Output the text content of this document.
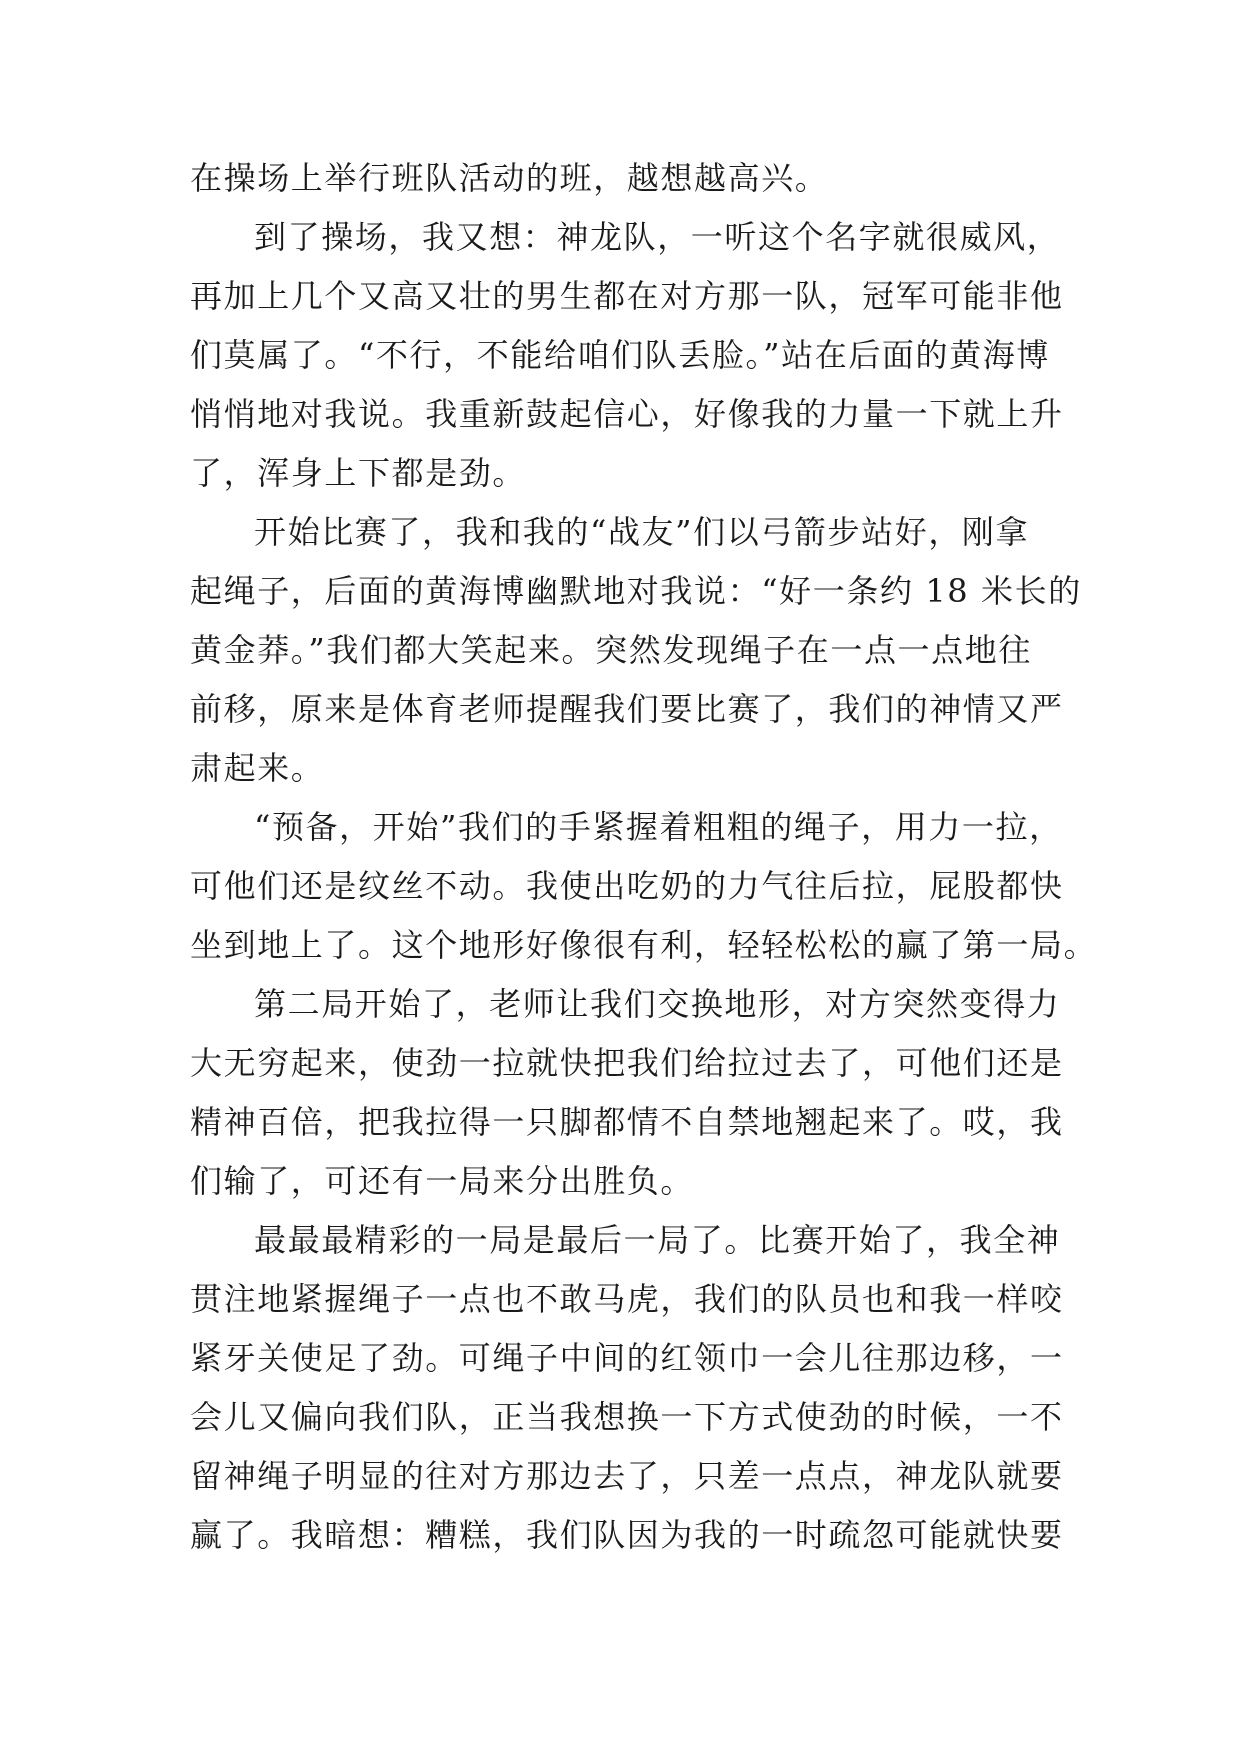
在操场上举行班队活动的班，越想越高兴。
到了操场，我又想：神龙队，一听这个名字就很威风，
再加上几个又高又壮的男生都在对方那一队，冠军可能非他
们莫属了。“不行，不能给咱们队丢脸。”站在后面的黄海博
悄悄地对我说。我重新鼓起信心，好像我的力量一下就上升
了，浑身上下都是劲。
开始比赛了，我和我的“战友”们以弓箭步站好，刚拿
起绳子，后面的黄海博幽默地对我说：“好一条约 18 米长的
黄金莽。”我们都大笑起来。突然发现绳子在一点一点地往
前移，原来是体育老师提醒我们要比赛了，我们的神情又严
肃起来。
“预备，开始”我们的手紧握着粗粗的绳子，用力一拉，
可他们还是纹丝不动。我使出吃奶的力气往后拉，屁股都快
坐到地上了。这个地形好像很有利，轻轻松松的赢了第一局。
第二局开始了，老师让我们交换地形，对方突然变得力
大无穷起来，使劲一拉就快把我们给拉过去了，可他们还是
精神百倍，把我拉得一只脚都情不自禁地翘起来了。哎，我
们输了，可还有一局来分出胜负。
最最最精彩的一局是最后一局了。比赛开始了，我全神
贯注地紧握绳子一点也不敢马虎，我们的队员也和我一样咬
紧牙关使足了劲。可绳子中间的红领巾一会儿往那边移，一
会儿又偏向我们队，正当我想换一下方式使劲的时候，一不
留神绳子明显的往对方那边去了，只差一点点，神龙队就要
赢了。我暗想：糟糕，我们队因为我的一时疏忽可能就快要
